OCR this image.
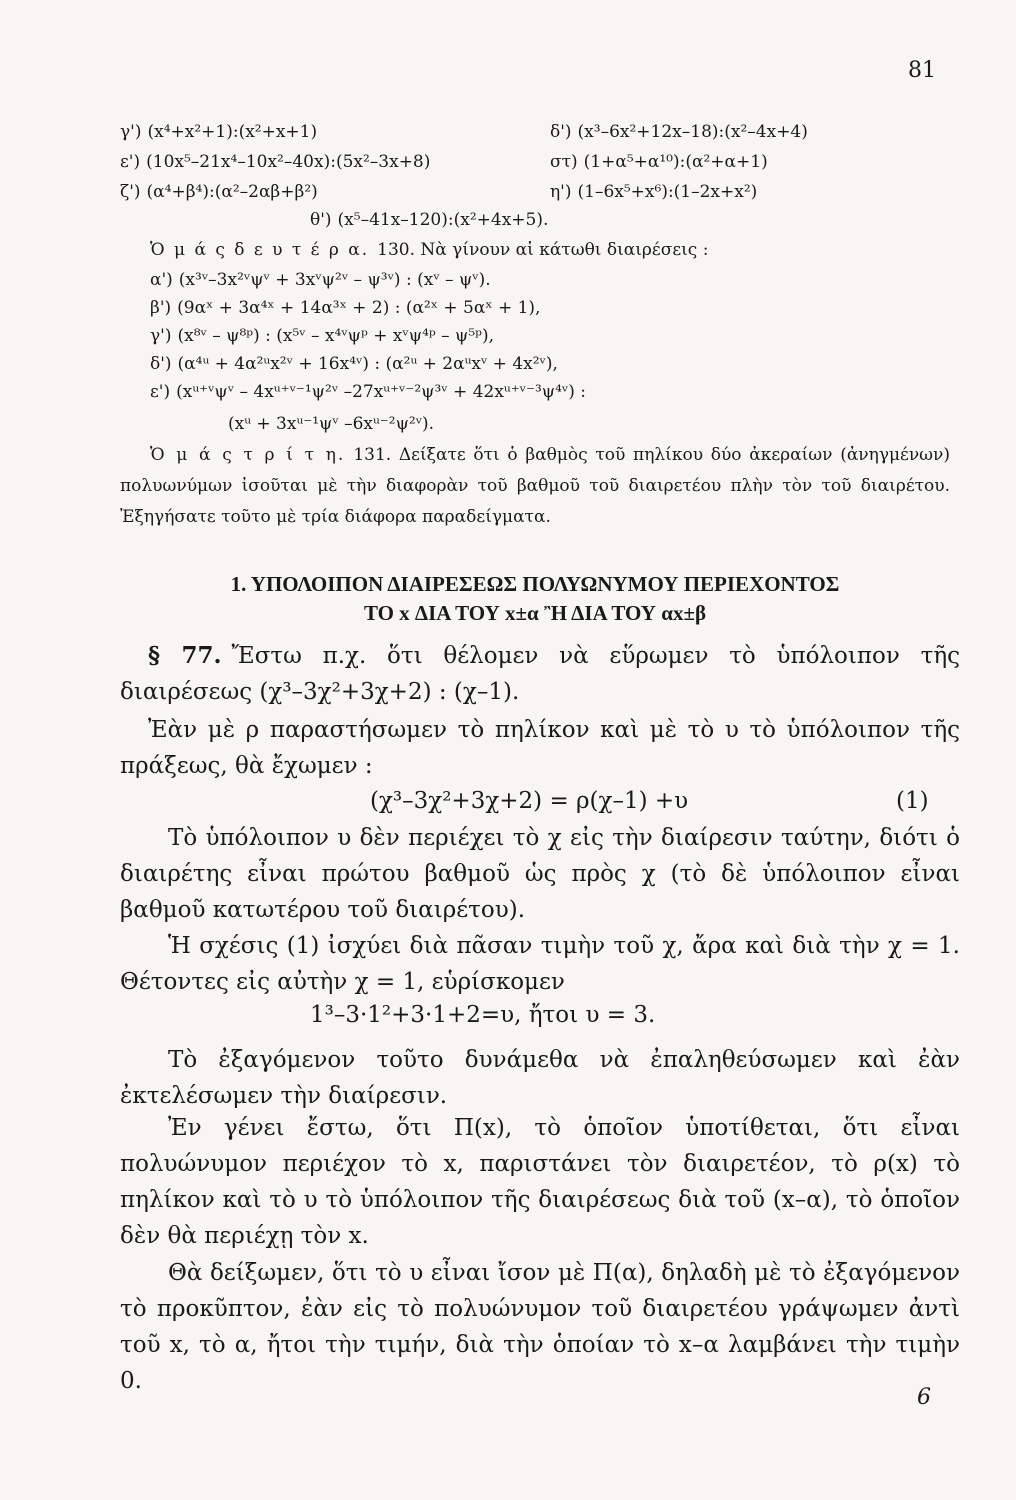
81
γ') (x⁴+x²+1):(x²+x+1)	δ') (x³–6x²+12x–18):(x²–4x+4)
ε') (10x⁵–21x⁴–10x²–40x):(5x²–3x+8)	στ) (1+α⁵+α¹⁰):(α²+α+1)
ζ') (α⁴+β⁴):(α²–2αβ+β²)	η') (1–6x⁵+x⁶):(1–2x+x²)
θ') (x⁵–41x–120):(x²+4x+5).
Ὁ μ ά ς δ ε υ τ έ ρ α. 130. Νὰ γίνουν αἱ κάτωθι διαιρέσεις :
α') (x³ᵛ–3x²ᵛψᵛ + 3xᵛψ²ᵛ – ψ³ᵛ) : (xᵛ – ψᵛ).
β') (9αˣ + 3α⁴ˣ + 14α³ˣ + 2) : (α²ˣ + 5αˣ + 1),
γ') (x⁸ᵛ – ψ⁸ᵖ) : (x⁵ᵛ – x⁴ᵛψᵖ + xᵛψ⁴ᵖ – ψ⁵ᵖ),
δ') (α⁴ᵘ + 4α²ᵘx²ᵛ + 16x⁴ᵛ) : (α²ᵘ + 2αᵘxᵛ + 4x²ᵛ),
ε') (xᵘ⁺ᵛψᵛ – 4xᵘ⁺ᵛ⁻¹ψ²ᵛ –27xᵘ⁺ᵛ⁻²ψ³ᵛ + 42xᵘ⁺ᵛ⁻³ψ⁴ᵛ) :
(xᵘ + 3xᵘ⁻¹ψᵛ –6xᵘ⁻²ψ²ᵛ).
Ὁ μ ά ς τ ρ ί τ η. 131. Δείξατε ὅτι ὁ βαθμὸς τοῦ πηλίκου δύο ἀκεραίων (ἀνηγμένων) πολυωνύμων ἰσοῦται μὲ τὴν διαφορὰν τοῦ βαθμοῦ τοῦ διαιρετέου πλὴν τὸν τοῦ διαιρέτου. Ἐξηγήσατε τοῦτο μὲ τρία διάφορα παραδείγματα.
1. ΥΠΟΛΟΙΠΟΝ ΔΙΑΙΡΕΣΕΩΣ ΠΟΛΥΩΝΥΜΟΥ ΠΕΡΙΕΧΟΝΤΟΣ
ΤΟ x ΔΙΑ ΤΟΥ x±α Ἢ ΔΙΑ ΤΟΥ αx±β
§ 77. Ἔστω π.χ. ὅτι θέλομεν νὰ εὕρωμεν τὸ ὑπόλοιπον τῆς διαιρέσεως (χ³–3χ²+3χ+2) : (χ–1).
Ἐὰν μὲ ρ παραστήσωμεν τὸ πηλίκον καὶ μὲ τὸ υ τὸ ὑπόλοιπον τῆς πράξεως, θὰ ἔχωμεν :
(χ³–3χ²+3χ+2) = ρ(χ–1) +υ	(1)
Τὸ ὑπόλοιπον υ δὲν περιέχει τὸ χ εἰς τὴν διαίρεσιν ταύτην, διότι ὁ διαιρέτης εἶναι πρώτου βαθμοῦ ὡς πρὸς χ (τὸ δὲ ὑπόλοιπον εἶναι βαθμοῦ κατωτέρου τοῦ διαιρέτου).
Ἡ σχέσις (1) ἰσχύει διὰ πᾶσαν τιμὴν τοῦ χ, ἄρα καὶ διὰ τὴν χ = 1. Θέτοντες εἰς αὐτὴν χ = 1, εὑρίσκομεν
1³–3·1²+3·1+2=υ, ἤτοι υ = 3.
Τὸ ἐξαγόμενον τοῦτο δυνάμεθα νὰ ἐπαληθεύσωμεν καὶ ἐὰν ἐκτελέσωμεν τὴν διαίρεσιν.
Ἐν γένει ἔστω, ὅτι Π(x), τὸ ὁποῖον ὑποτίθεται, ὅτι εἶναι πολυώνυμον περιέχον τὸ x, παριστάνει τὸν διαιρετέον, τὸ ρ(x) τὸ πηλίκον καὶ τὸ υ τὸ ὑπόλοιπον τῆς διαιρέσεως διὰ τοῦ (x–α), τὸ ὁποῖον δὲν θὰ περιέχῃ τὸν x.
Θὰ δείξωμεν, ὅτι τὸ υ εἶναι ἴσον μὲ Π(α), δηλαδὴ μὲ τὸ ἐξαγόμενον τὸ προκῦπτον, ἐὰν εἰς τὸ πολυώνυμον τοῦ διαιρετέου γράψωμεν ἀντὶ τοῦ x, τὸ α, ἤτοι τὴν τιμήν, διὰ τὴν ὁποίαν τὸ x–α λαμβάνει τὴν τιμὴν 0.
6
